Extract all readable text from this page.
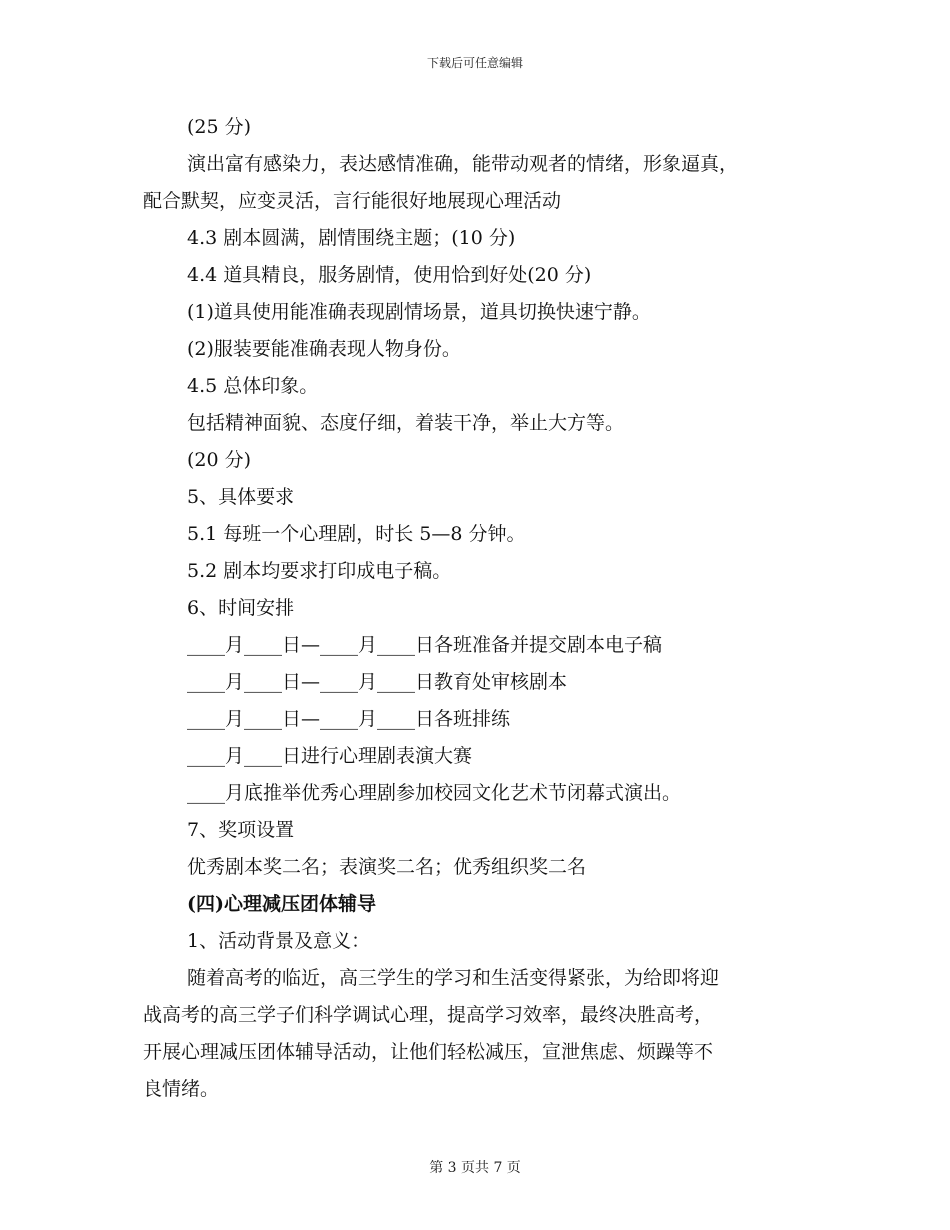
下载后可任意编辑
(25 分)
演出富有感染力，表达感情准确，能带动观者的情绪，形象逼真，
配合默契，应变灵活，言行能很好地展现心理活动
4.3 剧本圆满，剧情围绕主题；(10 分)
4.4 道具精良，服务剧情，使用恰到好处(20 分)
(1)道具使用能准确表现剧情场景，道具切换快速宁静。
(2)服装要能准确表现人物身份。
4.5 总体印象。
包括精神面貌、态度仔细，着装干净，举止大方等。
(20 分)
5、具体要求
5.1 每班一个心理剧，时长 5—8 分钟。
5.2 剧本均要求打印成电子稿。
6、时间安排
____月____日—____月____日各班准备并提交剧本电子稿
____月____日—____月____日教育处审核剧本
____月____日—____月____日各班排练
____月____日进行心理剧表演大赛
____月底推举优秀心理剧参加校园文化艺术节闭幕式演出。
7、奖项设置
优秀剧本奖二名；表演奖二名；优秀组织奖二名
(四)心理减压团体辅导
1、活动背景及意义：
随着高考的临近，高三学生的学习和生活变得紧张，为给即将迎
战高考的高三学子们科学调试心理，提高学习效率，最终决胜高考，
开展心理减压团体辅导活动，让他们轻松减压，宣泄焦虑、烦躁等不
良情绪。
第 3 页共 7 页
